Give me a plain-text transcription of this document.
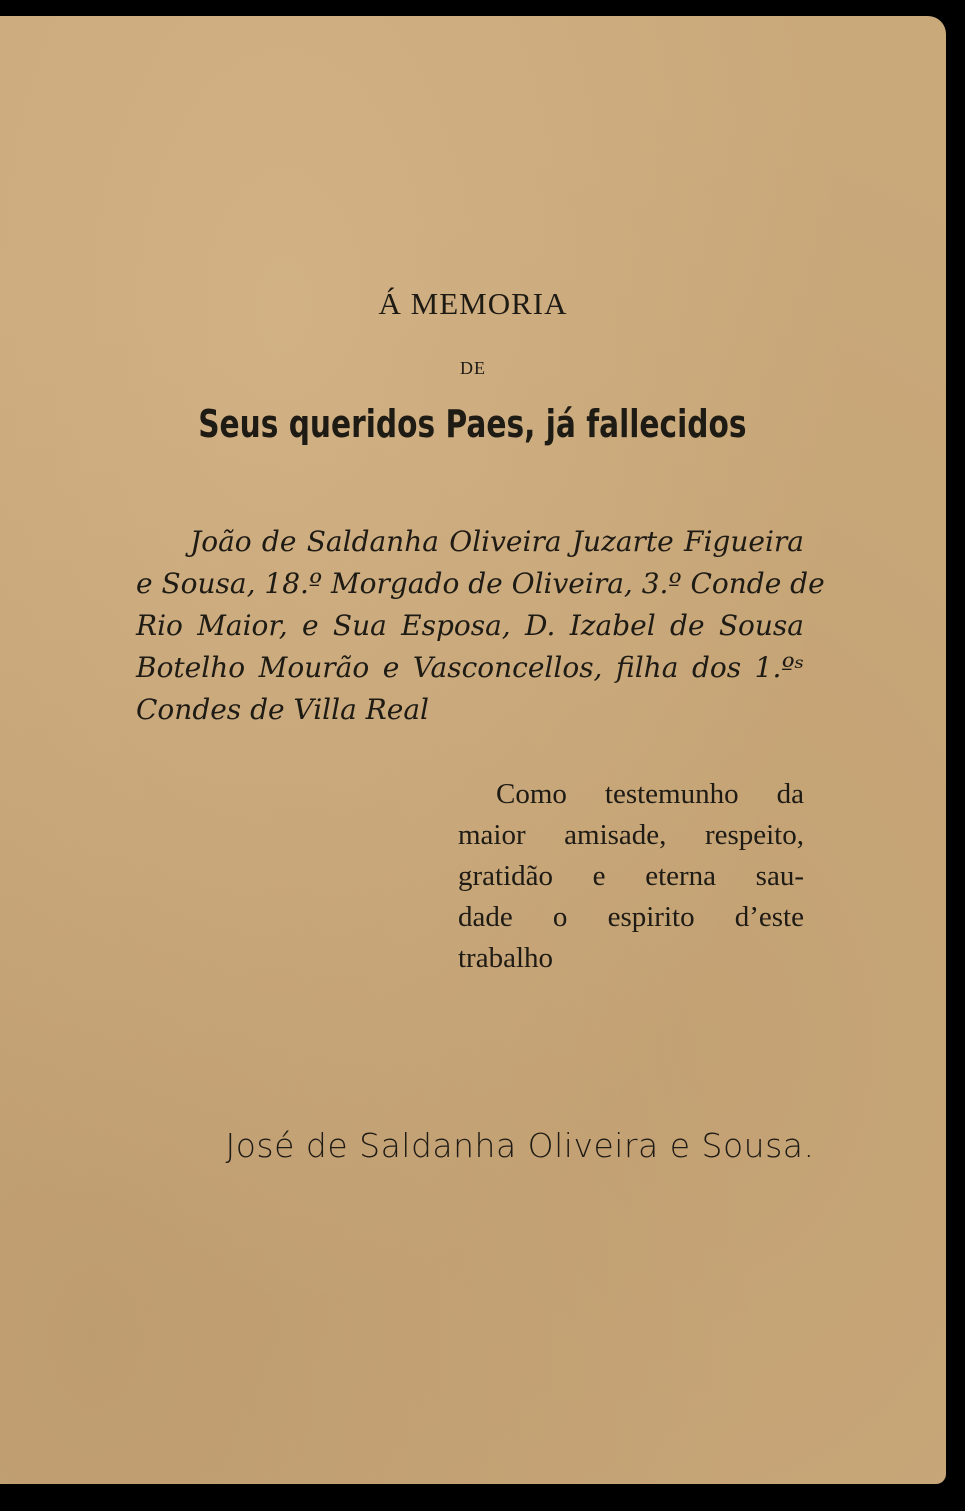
Á MEMORIA
DE
Seus queridos Paes, já fallecidos
João de Saldanha Oliveira Juzarte Figueira
e Sousa, 18.º Morgado de Oliveira, 3.º Conde de
Rio Maior, e Sua Esposa, D. Izabel de Sousa
Botelho Mourão e Vasconcellos, filha dos 1.ºˢ
Condes de Villa Real
Como testemunho da
maior amisade, respeito,
gratidão e eterna sau-
dade o espirito d’este
trabalho
José de Saldanha Oliveira e Sousa.
